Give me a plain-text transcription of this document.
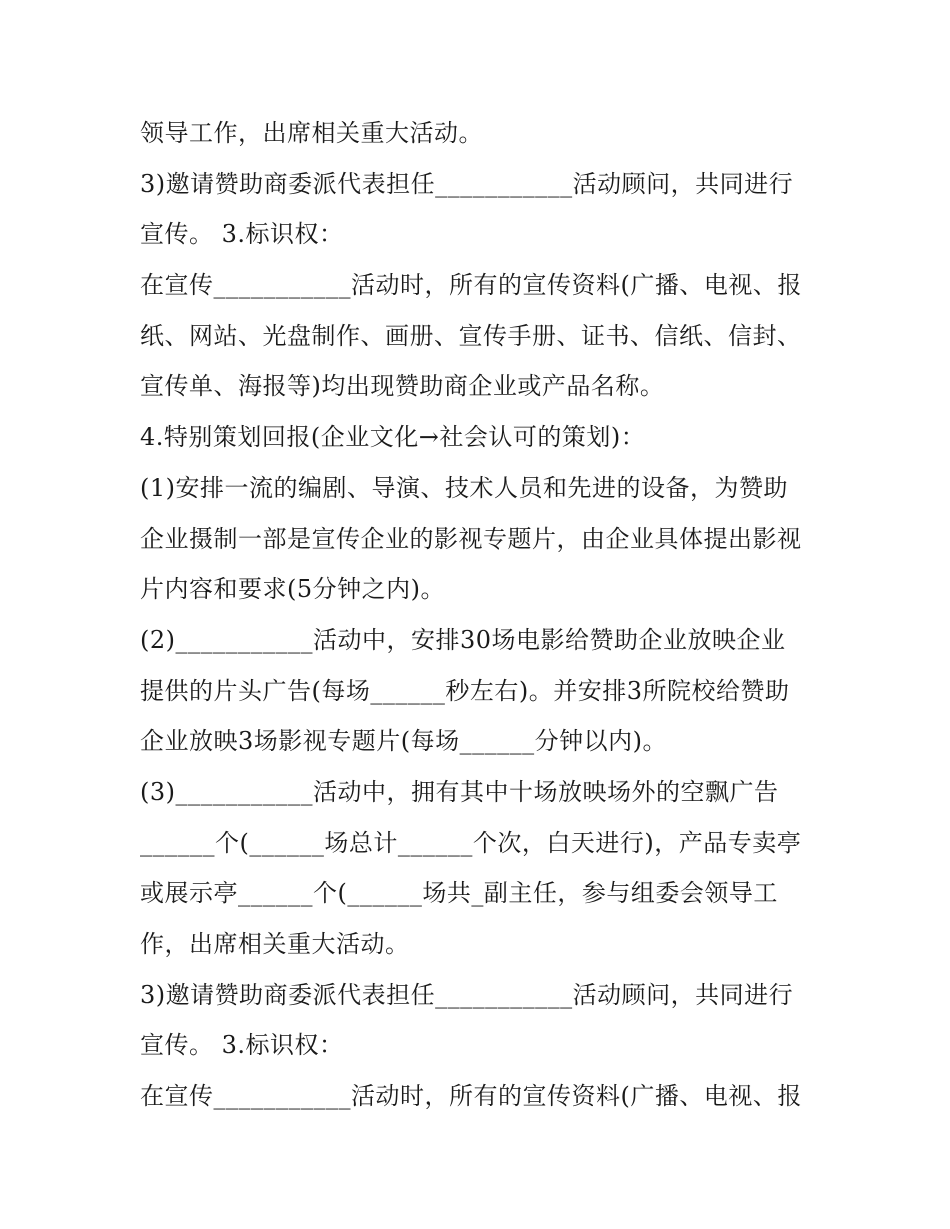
领导工作，出席相关重大活动。
3)邀请赞助商委派代表担任___________活动顾问，共同进行
宣传。 3.标识权：
在宣传___________活动时，所有的宣传资料(广播、电视、报
纸、网站、光盘制作、画册、宣传手册、证书、信纸、信封、
宣传单、海报等)均出现赞助商企业或产品名称。
4.特别策划回报(企业文化→社会认可的策划)：
(1)安排一流的编剧、导演、技术人员和先进的设备，为赞助
企业摄制一部是宣传企业的影视专题片，由企业具体提出影视
片内容和要求(5分钟之内)。
(2)___________活动中，安排30场电影给赞助企业放映企业
提供的片头广告(每场______秒左右)。并安排3所院校给赞助
企业放映3场影视专题片(每场______分钟以内)。
(3)___________活动中，拥有其中十场放映场外的空飘广告
______个(______场总计______个次，白天进行)，产品专卖亭
或展示亭______个(______场共_副主任，参与组委会领导工
作，出席相关重大活动。
3)邀请赞助商委派代表担任___________活动顾问，共同进行
宣传。 3.标识权：
在宣传___________活动时，所有的宣传资料(广播、电视、报
